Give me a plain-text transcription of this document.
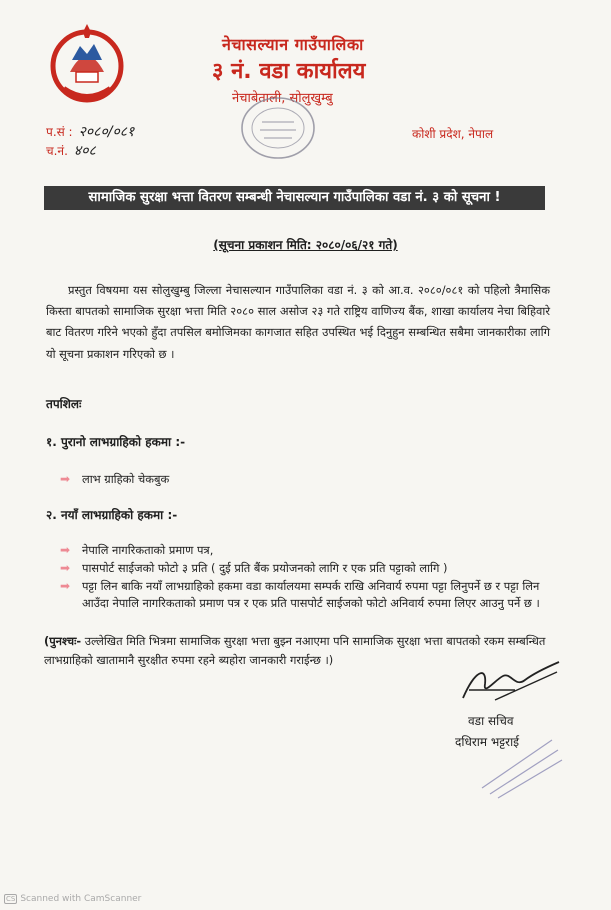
नेचासल्यान गाउँपालिका
३ नं. वडा कार्यालय
नेचाबेताली, सोलुखुम्बु
कोशी प्रदेश, नेपाल
प.सं : २०८०/०८१
च.नं. ४०८
सामाजिक सुरक्षा भत्ता वितरण सम्बन्धी नेचासल्यान गाउँपालिका वडा नं. ३ को सूचना !
(सूचना प्रकाशन मिति: २०८०/०६/२१ गते)
प्रस्तुत विषयमा यस सोलुखुम्बु जिल्ला नेचासल्यान गाउँपालिका वडा नं. ३ को आ.व. २०८०/०८१ को पहिलो त्रैमासिक किस्ता बापतको सामाजिक सुरक्षा भत्ता मिति २०८० साल असोज २३ गते राष्ट्रिय वाणिज्य बैंक, शाखा कार्यालय नेचा बिहिवारे बाट वितरण गरिने भएको हुँदा तपसिल बमोजिमका कागजात सहित उपस्थित भई दिनुहुन सम्बन्धित सबैमा जानकारीका लागि यो सूचना प्रकाशन गरिएको छ ।
तपशिलः
१. पुरानो लाभग्राहिको हकमा :-
➡	लाभ ग्राहिको चेकबुक
२. नयाँ लाभग्राहिको हकमा :-
➡	नेपालि नागरिकताको प्रमाण पत्र,
➡	पासपोर्ट साईजको फोटो ३ प्रति ( दुई प्रति बैंक प्रयोजनको लागि र एक प्रति पट्टाको लागि )
➡	पट्टा लिन बाकि नयाँ लाभग्राहिको हकमा वडा कार्यालयमा सम्पर्क राखि अनिवार्य रुपमा पट्टा लिनुपर्ने छ र पट्टा लिन आउँदा नेपालि नागरिकताको प्रमाण पत्र र एक प्रति पासपोर्ट साईजको फोटो अनिवार्य रुपमा लिएर आउनु पर्ने छ ।
(पुनश्चः- उल्लेखित मिति भित्रमा सामाजिक सुरक्षा भत्ता बुझ्न नआएमा पनि सामाजिक सुरक्षा भत्ता बापतको रकम सम्बन्धित लाभग्राहिको खातामानै सुरक्षीत रुपमा रहने ब्यहोरा जानकारी गराईन्छ ।)
वडा सचिव
दधिराम भट्टराई
CS Scanned with CamScanner
